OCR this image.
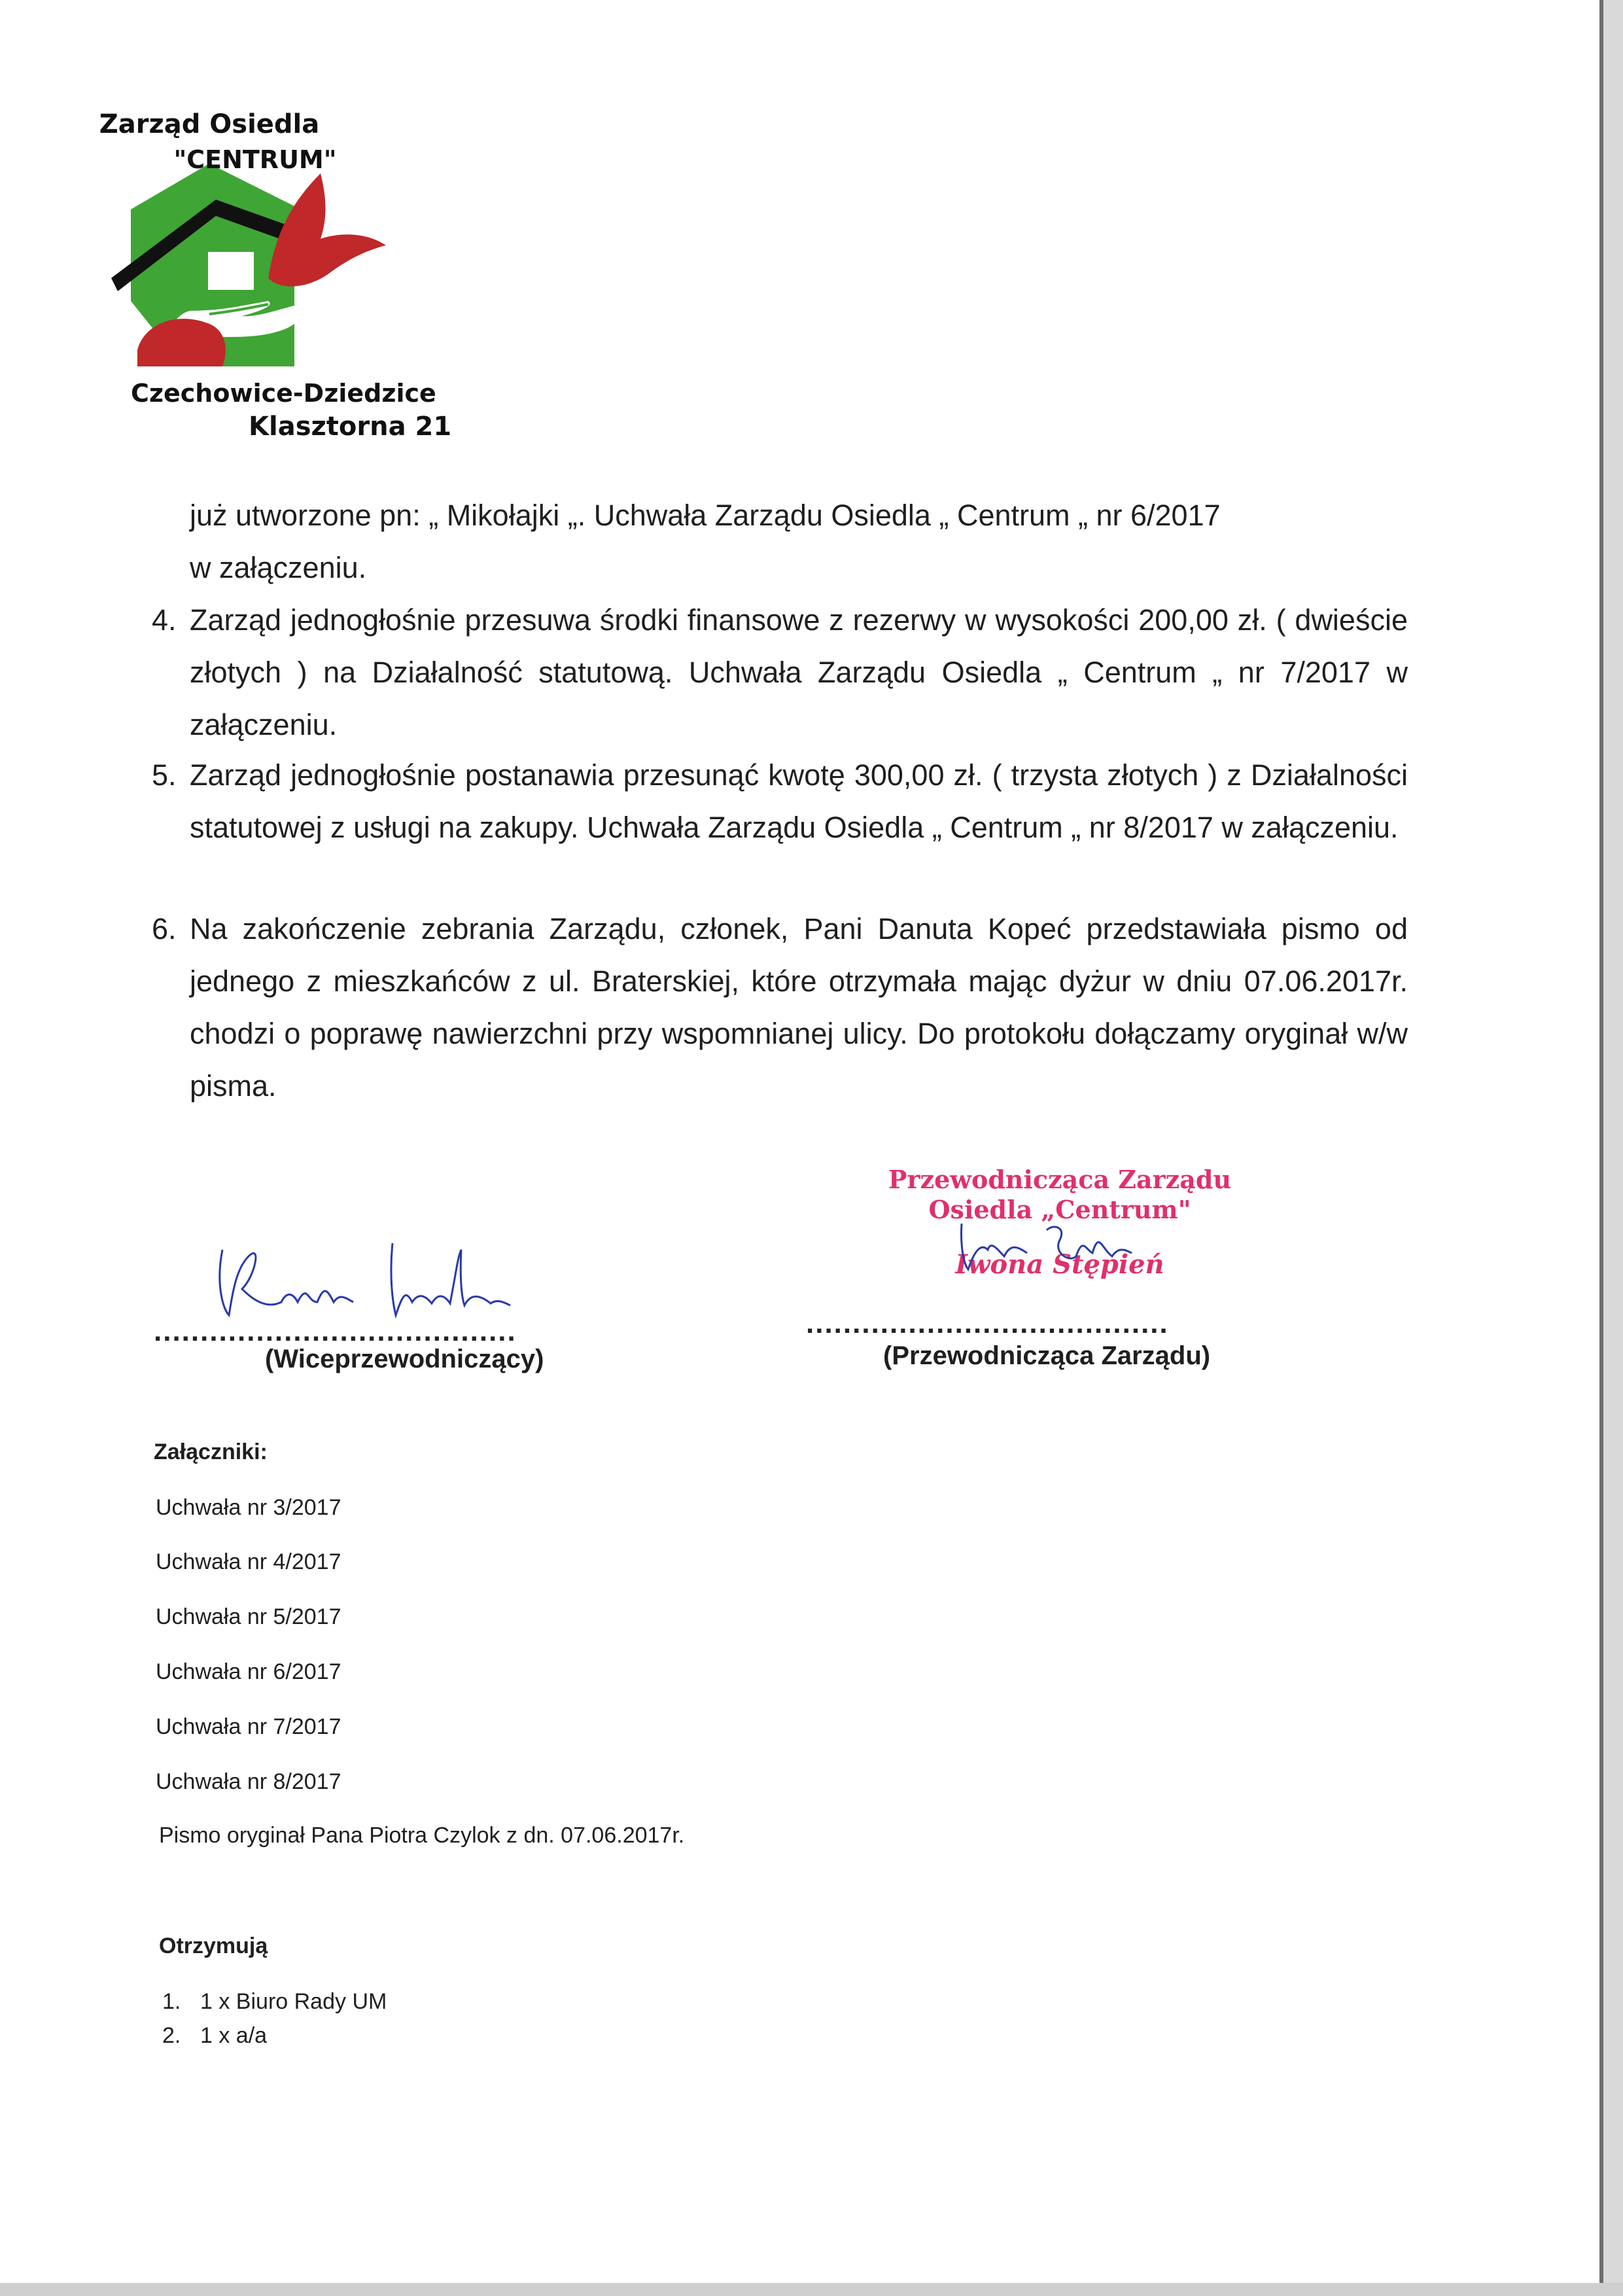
Zarząd Osiedla
"CENTRUM"
Czechowice-Dziedzice
Klasztorna 21
już utworzone pn: „ Mikołajki „. Uchwała Zarządu Osiedla „ Centrum „ nr 6/2017
w załączeniu.
4. Zarząd jednogłośnie przesuwa środki finansowe z rezerwy w wysokości 200,00 zł. ( dwieście złotych ) na Działalność statutową. Uchwała Zarządu Osiedla „ Centrum „ nr 7/2017 w załączeniu.
5. Zarząd jednogłośnie postanawia przesunąć kwotę 300,00 zł. ( trzysta złotych ) z Działalności statutowej z usługi na zakupy. Uchwała Zarządu Osiedla „ Centrum „ nr 8/2017 w załączeniu.
6. Na zakończenie zebrania Zarządu, członek, Pani Danuta Kopeć przedstawiała pismo od jednego z mieszkańców z ul. Braterskiej, które otrzymała mając dyżur w dniu 07.06.2017r. chodzi o poprawę nawierzchni przy wspomnianej ulicy. Do protokołu dołączamy oryginał w/w pisma.
.......................................
(Wiceprzewodniczący)
Przewodnicząca Zarządu
Osiedla „Centrum"
Iwona Stępień
.......................................
(Przewodnicząca Zarządu)
Załączniki:
Uchwała nr 3/2017
Uchwała nr 4/2017
Uchwała nr 5/2017
Uchwała nr 6/2017
Uchwała nr 7/2017
Uchwała nr 8/2017
Pismo oryginał Pana Piotra Czylok z dn. 07.06.2017r.
Otrzymują
1. 1 x Biuro Rady UM
2. 1 x a/a
